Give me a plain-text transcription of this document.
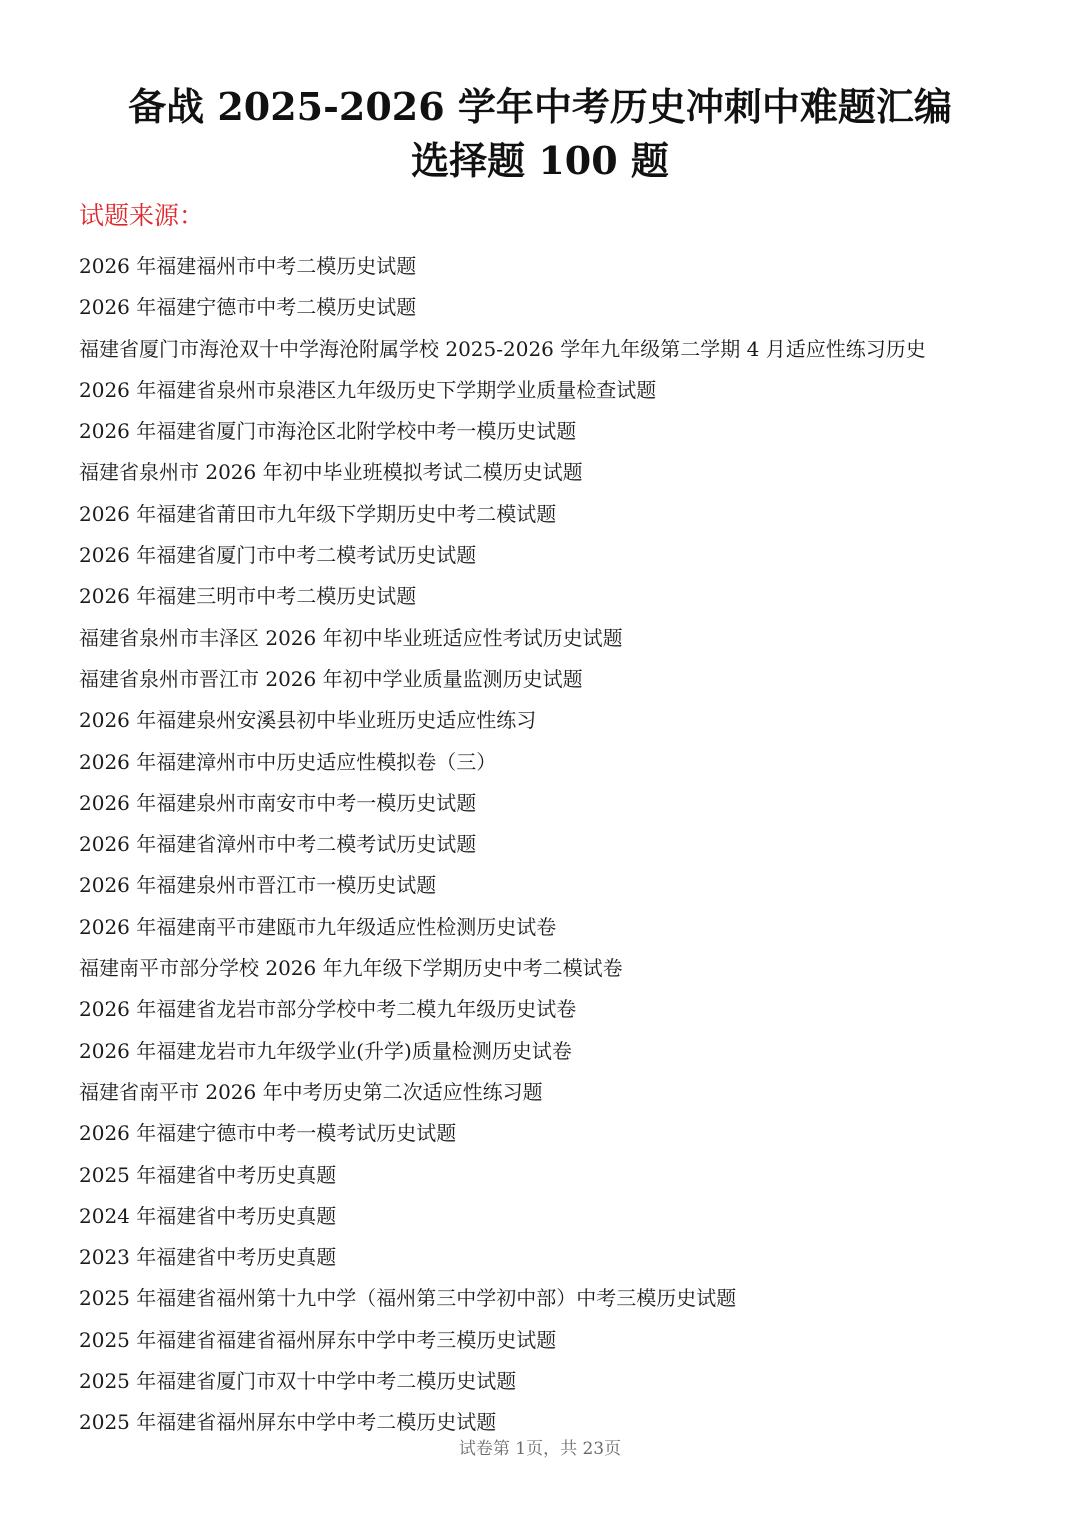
备战 2025-2026 学年中考历史冲刺中难题汇编
选择题 100 题
试题来源：
2026 年福建福州市中考二模历史试题
2026 年福建宁德市中考二模历史试题
福建省厦门市海沧双十中学海沧附属学校 2025-2026 学年九年级第二学期 4 月适应性练习历史
2026 年福建省泉州市泉港区九年级历史下学期学业质量检查试题
2026 年福建省厦门市海沧区北附学校中考一模历史试题
福建省泉州市 2026 年初中毕业班模拟考试二模历史试题
2026 年福建省莆田市九年级下学期历史中考二模试题
2026 年福建省厦门市中考二模考试历史试题
2026 年福建三明市中考二模历史试题
福建省泉州市丰泽区 2026 年初中毕业班适应性考试历史试题
福建省泉州市晋江市 2026 年初中学业质量监测历史试题
2026 年福建泉州安溪县初中毕业班历史适应性练习
2026 年福建漳州市中历史适应性模拟卷（三）
2026 年福建泉州市南安市中考一模历史试题
2026 年福建省漳州市中考二模考试历史试题
2026 年福建泉州市晋江市一模历史试题
2026 年福建南平市建瓯市九年级适应性检测历史试卷
福建南平市部分学校 2026 年九年级下学期历史中考二模试卷
2026 年福建省龙岩市部分学校中考二模九年级历史试卷
2026 年福建龙岩市九年级学业(升学)质量检测历史试卷
福建省南平市 2026 年中考历史第二次适应性练习题
2026 年福建宁德市中考一模考试历史试题
2025 年福建省中考历史真题
2024 年福建省中考历史真题
2023 年福建省中考历史真题
2025 年福建省福州第十九中学（福州第三中学初中部）中考三模历史试题
2025 年福建省福建省福州屏东中学中考三模历史试题
2025 年福建省厦门市双十中学中考二模历史试题
2025 年福建省福州屏东中学中考二模历史试题
试卷第 1页，共 23页
